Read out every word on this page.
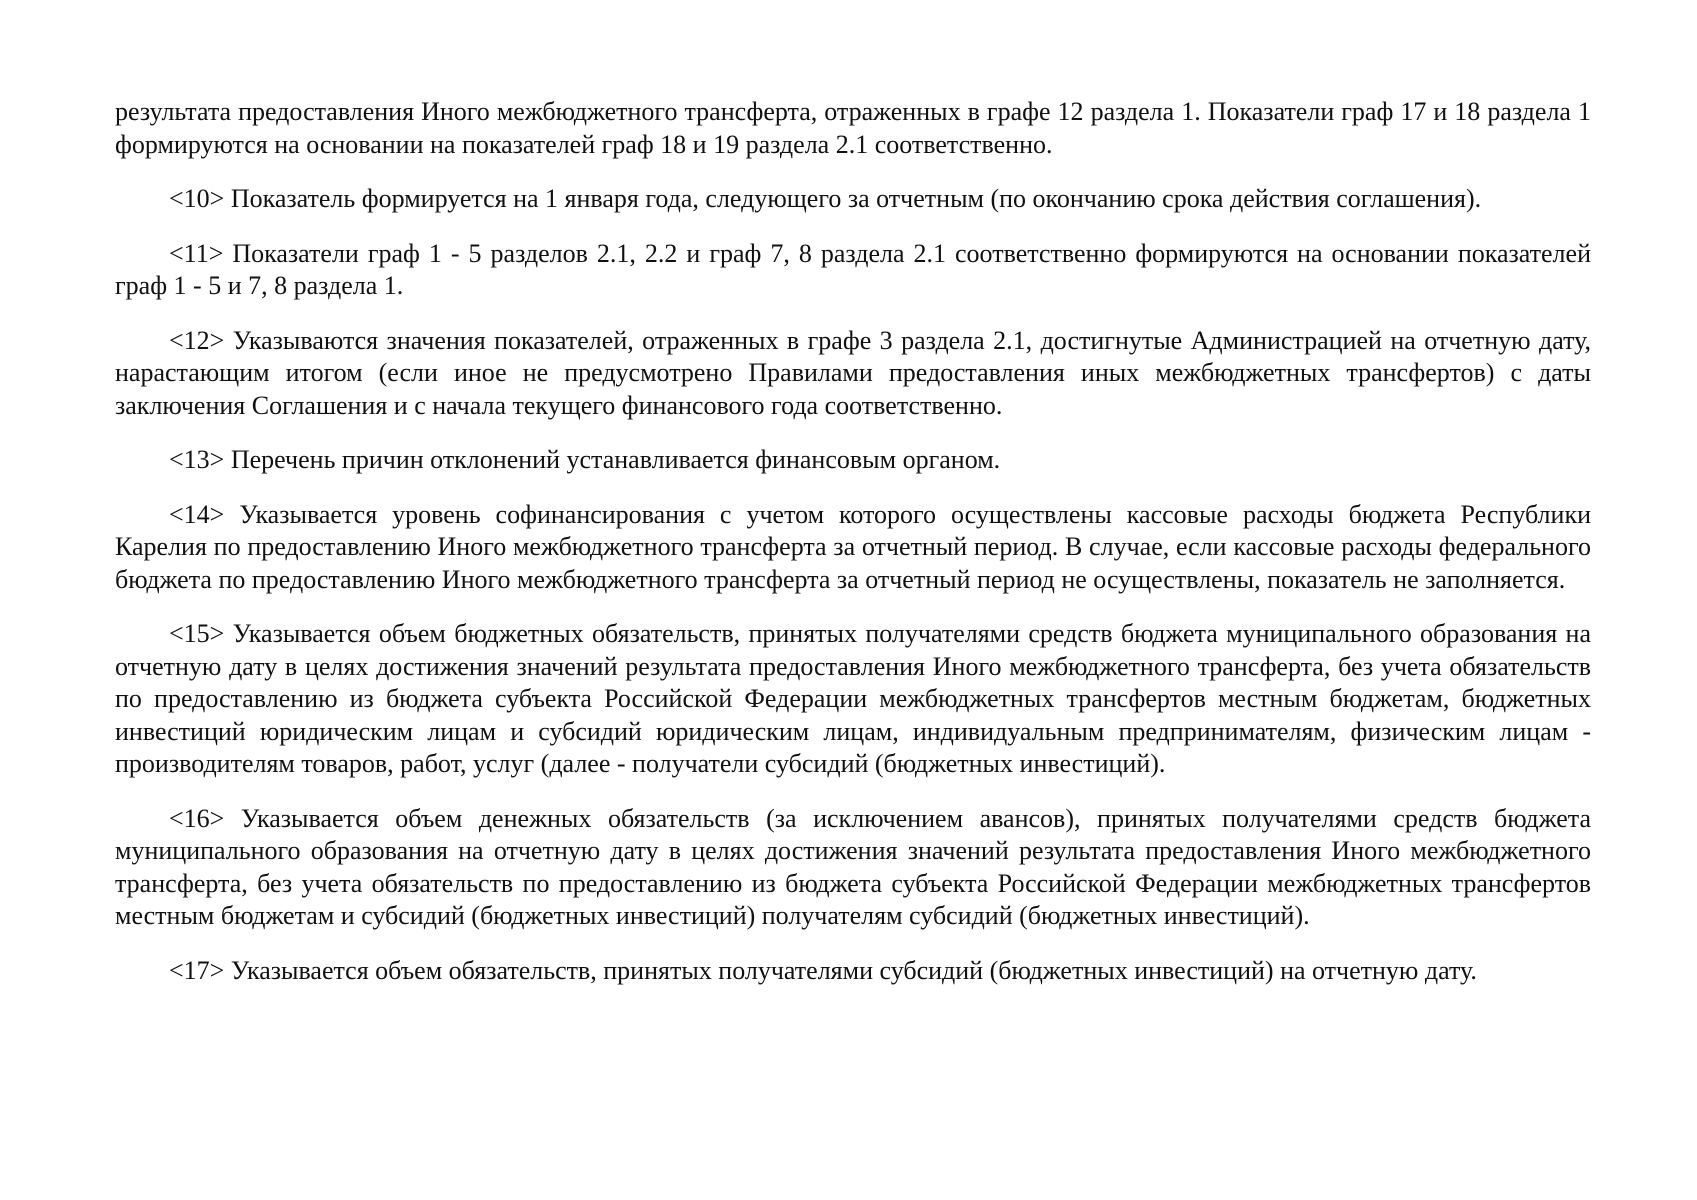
результата предоставления Иного межбюджетного трансферта, отраженных в графе 12 раздела 1. Показатели граф 17 и 18 раздела 1 формируются на основании на показателей граф 18 и 19 раздела 2.1 соответственно.

<10> Показатель формируется на 1 января года, следующего за отчетным (по окончанию срока действия соглашения).

<11> Показатели граф 1 - 5 разделов 2.1, 2.2 и граф 7, 8 раздела 2.1 соответственно формируются на основании показателей граф 1 - 5 и 7, 8 раздела 1.

<12> Указываются значения показателей, отраженных в графе 3 раздела 2.1, достигнутые Администрацией на отчетную дату, нарастающим итогом (если иное не предусмотрено Правилами предоставления иных межбюджетных трансфертов) с даты заключения Соглашения и с начала текущего финансового года соответственно.

<13> Перечень причин отклонений устанавливается финансовым органом.

<14> Указывается уровень софинансирования с учетом которого осуществлены кассовые расходы бюджета Республики Карелия по предоставлению Иного межбюджетного трансферта за отчетный период. В случае, если кассовые расходы федерального бюджета по предоставлению Иного межбюджетного трансферта за отчетный период не осуществлены, показатель не заполняется.

<15> Указывается объем бюджетных обязательств, принятых получателями средств бюджета муниципального образования на отчетную дату в целях достижения значений результата предоставления Иного межбюджетного трансферта, без учета обязательств по предоставлению из бюджета субъекта Российской Федерации межбюджетных трансфертов местным бюджетам, бюджетных инвестиций юридическим лицам и субсидий юридическим лицам, индивидуальным предпринимателям, физическим лицам - производителям товаров, работ, услуг (далее - получатели субсидий (бюджетных инвестиций).

<16> Указывается объем денежных обязательств (за исключением авансов), принятых получателями средств бюджета муниципального образования на отчетную дату в целях достижения значений результата предоставления Иного межбюджетного трансферта, без учета обязательств по предоставлению из бюджета субъекта Российской Федерации межбюджетных трансфертов местным бюджетам и субсидий (бюджетных инвестиций) получателям субсидий (бюджетных инвестиций).

<17> Указывается объем обязательств, принятых получателями субсидий (бюджетных инвестиций) на отчетную дату.
